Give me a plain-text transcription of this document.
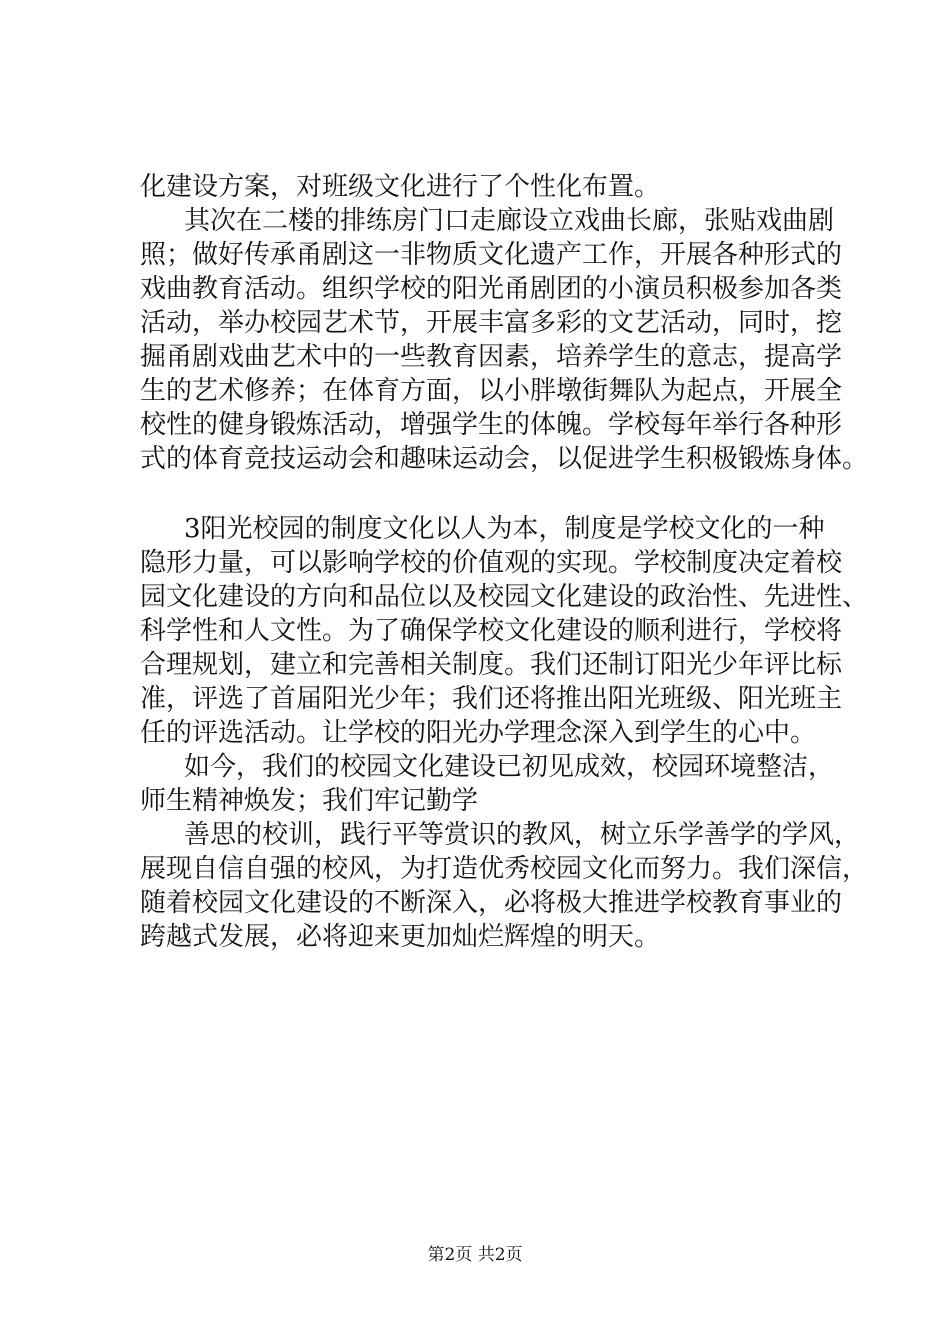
化建设方案，对班级文化进行了个性化布置。
其次在二楼的排练房门口走廊设立戏曲长廊，张贴戏曲剧
照；做好传承甬剧这一非物质文化遗产工作，开展各种形式的
戏曲教育活动。组织学校的阳光甬剧团的小演员积极参加各类
活动，举办校园艺术节，开展丰富多彩的文艺活动，同时，挖
掘甬剧戏曲艺术中的一些教育因素，培养学生的意志，提高学
生的艺术修养；在体育方面，以小胖墩街舞队为起点，开展全
校性的健身锻炼活动，增强学生的体魄。学校每年举行各种形
式的体育竞技运动会和趣味运动会，以促进学生积极锻炼身体。
3阳光校园的制度文化以人为本，制度是学校文化的一种
隐形力量，可以影响学校的价值观的实现。学校制度决定着校
园文化建设的方向和品位以及校园文化建设的政治性、先进性、
科学性和人文性。为了确保学校文化建设的顺利进行，学校将
合理规划，建立和完善相关制度。我们还制订阳光少年评比标
准，评选了首届阳光少年；我们还将推出阳光班级、阳光班主
任的评选活动。让学校的阳光办学理念深入到学生的心中。
如今，我们的校园文化建设已初见成效，校园环境整洁，
师生精神焕发；我们牢记勤学
善思的校训，践行平等赏识的教风，树立乐学善学的学风，
展现自信自强的校风，为打造优秀校园文化而努力。我们深信，
随着校园文化建设的不断深入，必将极大推进学校教育事业的
跨越式发展，必将迎来更加灿烂辉煌的明天。
第2页 共2页
